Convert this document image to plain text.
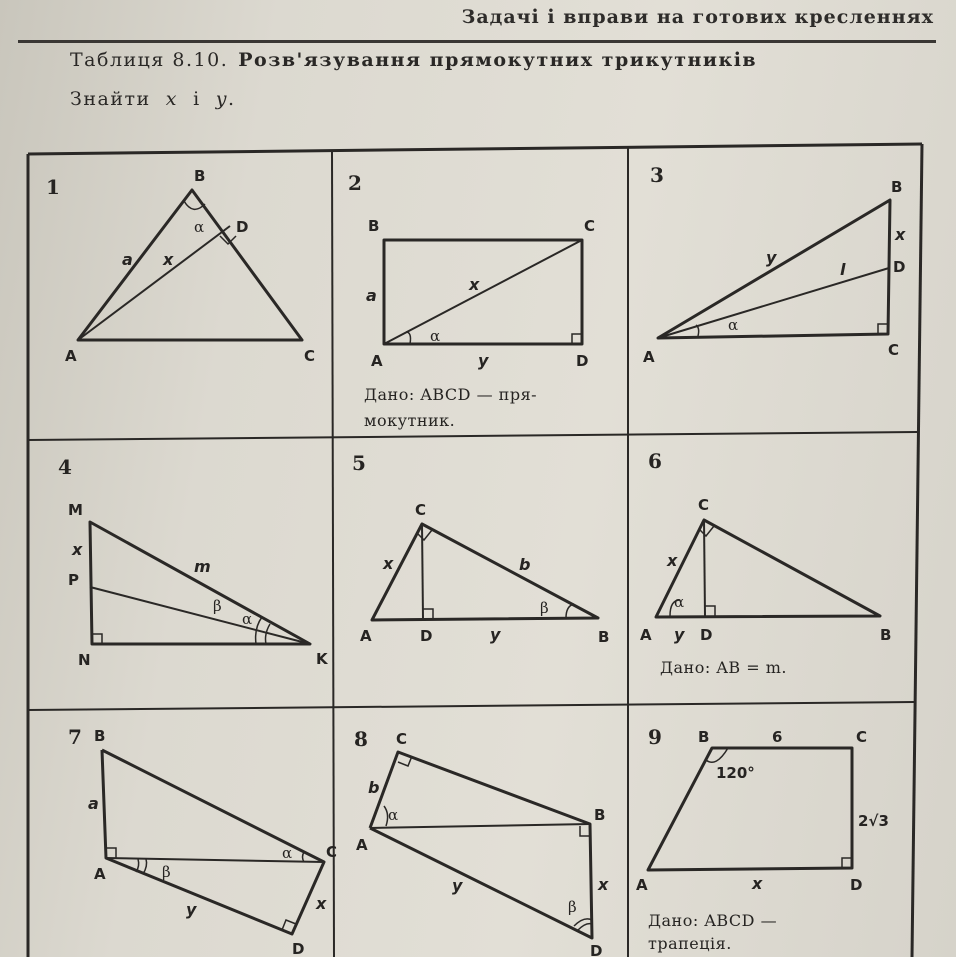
Задачі і вправи на готових кресленнях
Таблиця 8.10. Розв'язування прямокутних трикутників
Знайти x і y.
1	B
D
A	C
a x
α
2
B	C
A	D
a
x
y
α
Дано: ABCD — пря-
мокутник.
3	B
D
C
A
x
y
l
α
4
M
P
N	K
x
m
β
α
5
C
A	D	B
x
y
b
β
6
C
A	D	B
x
y
α
Дано: AB = m.
7 B
A
C
D
a
x
y
α
β
8 C
B
A
D
b
x
y
α
β
9 B	C
A	D
6
2√3
120°
x
Дано: ABCD —
трапеція.
